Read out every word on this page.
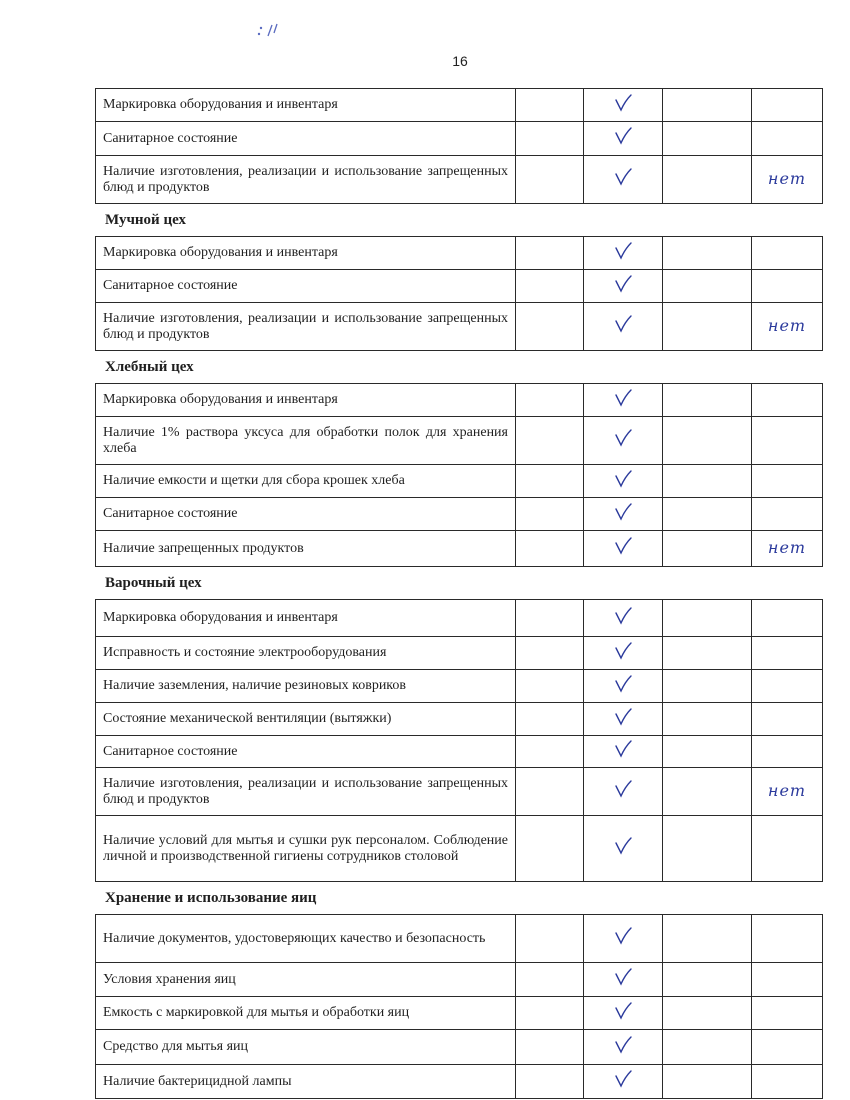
16
Маркировка оборудования и инвентаря				
Санитарное состояние				
Наличие изготовления, реализации и использование запрещенных блюд и продуктов				нет
Мучной цех				
Маркировка оборудования и инвентаря				
Санитарное состояние				
Наличие изготовления, реализации и использование запрещенных блюд и продуктов				нет
Хлебный цех				
Маркировка оборудования и инвентаря				
Наличие 1% раствора уксуса для обработки полок для хранения хлеба				
Наличие емкости и щетки для сбора крошек хлеба				
Санитарное состояние				
Наличие запрещенных продуктов				нет
Варочный цех				
Маркировка оборудования и инвентаря				
Исправность и состояние электрооборудования				
Наличие заземления, наличие резиновых ковриков				
Состояние механической вентиляции (вытяжки)				
Санитарное состояние				
Наличие изготовления, реализации и использование запрещенных блюд и продуктов				нет
Наличие условий для мытья и сушки рук персоналом. Соблюдение личной и производственной гигиены сотрудников столовой				
Хранение и использование яиц				
Наличие документов, удостоверяющих качество и безопасность				
Условия хранения яиц				
Емкость с маркировкой для мытья и обработки яиц				
Средство для мытья яиц				
Наличие бактерицидной лампы				
